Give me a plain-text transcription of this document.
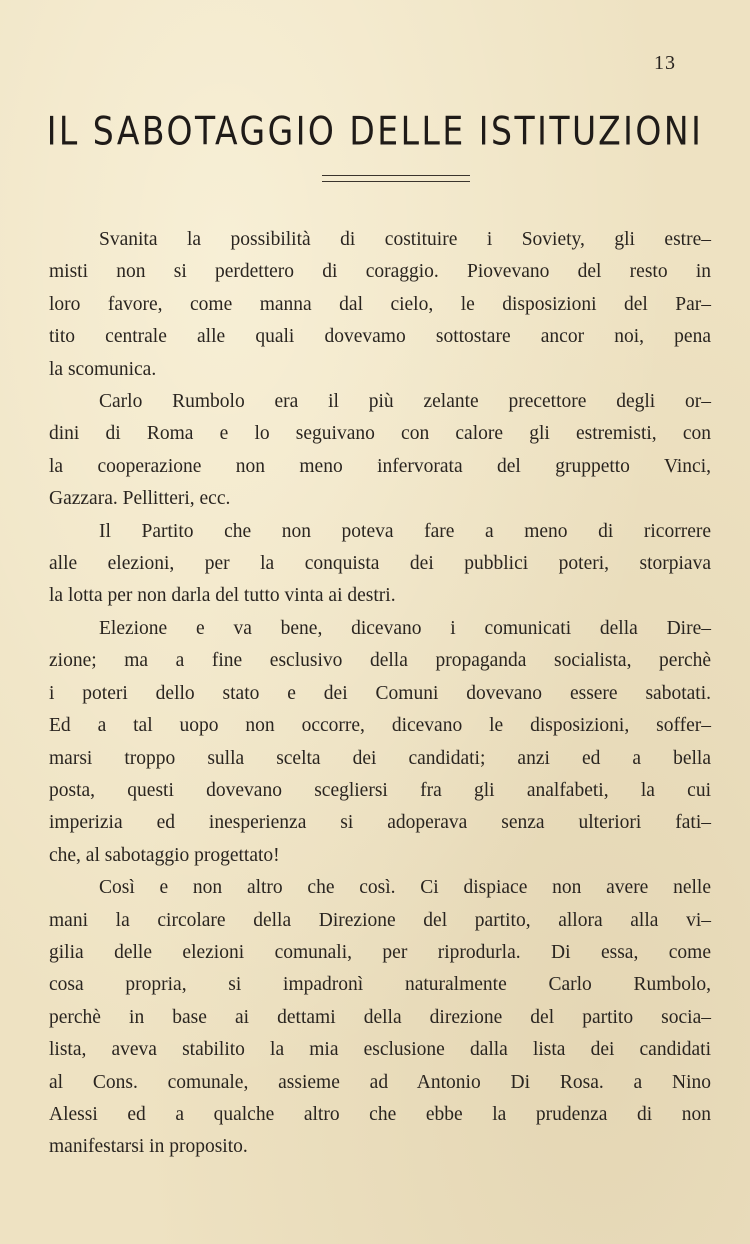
13
IL SABOTAGGIO DELLE ISTITUZIONI
Svanita la possibilità di costituire i Soviety, gli estre–
misti non si perdettero di coraggio. Piovevano del resto in
loro favore, come manna dal cielo, le disposizioni del Par–
tito centrale alle quali dovevamo sottostare ancor noi, pena
la scomunica.
Carlo Rumbolo era il più zelante precettore degli or–
dini di Roma e lo seguivano con calore gli estremisti, con
la cooperazione non meno infervorata del gruppetto Vinci,
Gazzara. Pellitteri, ecc.
Il Partito che non poteva fare a meno di ricorrere
alle elezioni, per la conquista dei pubblici poteri, storpiava
la lotta per non darla del tutto vinta ai destri.
Elezione e va bene, dicevano i comunicati della Dire–
zione; ma a fine esclusivo della propaganda socialista, perchè
i poteri dello stato e dei Comuni dovevano essere sabotati.
Ed a tal uopo non occorre, dicevano le disposizioni, soffer–
marsi troppo sulla scelta dei candidati; anzi ed a bella
posta, questi dovevano scegliersi fra gli analfabeti, la cui
imperizia ed inesperienza si adoperava senza ulteriori fati–
che, al sabotaggio progettato!
Così e non altro che così. Ci dispiace non avere nelle
mani la circolare della Direzione del partito, allora alla vi–
gilia delle elezioni comunali, per riprodurla. Di essa, come
cosa propria, si impadronì naturalmente Carlo Rumbolo,
perchè in base ai dettami della direzione del partito socia–
lista, aveva stabilito la mia esclusione dalla lista dei candidati
al Cons. comunale, assieme ad Antonio Di Rosa. a Nino
Alessi ed a qualche altro che ebbe la prudenza di non
manifestarsi in proposito.
